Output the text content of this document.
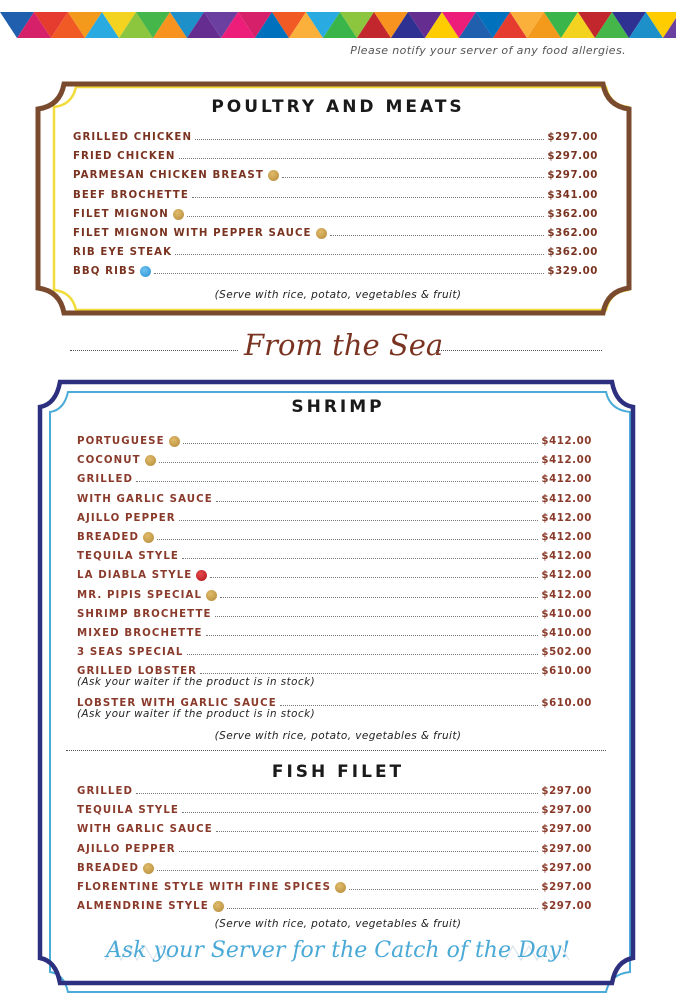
Please notify your server of any food allergies.
POULTRY AND MEATS
GRILLED CHICKEN	$297.00
FRIED CHICKEN	$297.00
PARMESAN CHICKEN BREAST	$297.00
BEEF BROCHETTE	$341.00
FILET MIGNON	$362.00
FILET MIGNON WITH PEPPER SAUCE	$362.00
RIB EYE STEAK	$362.00
BBQ RIBS	$329.00
(Serve with rice, potato, vegetables & fruit)
From the Sea
SHRIMP
PORTUGUESE	$412.00
COCONUT	$412.00
GRILLED	$412.00
WITH GARLIC SAUCE	$412.00
AJILLO PEPPER	$412.00
BREADED	$412.00
TEQUILA STYLE	$412.00
LA DIABLA STYLE	$412.00
MR. PIPIS SPECIAL	$412.00
SHRIMP BROCHETTE	$410.00
MIXED BROCHETTE	$410.00
3 SEAS SPECIAL	$502.00
GRILLED LOBSTER	$610.00
(Ask your waiter if the product is in stock)
LOBSTER WITH GARLIC SAUCE	$610.00
(Ask your waiter if the product is in stock)
(Serve with rice, potato, vegetables & fruit)
FISH FILET
GRILLED	$297.00
TEQUILA STYLE	$297.00
WITH GARLIC SAUCE	$297.00
AJILLO PEPPER	$297.00
BREADED	$297.00
FLORENTINE STYLE WITH FINE SPICES	$297.00
ALMENDRINE STYLE	$297.00
(Serve with rice, potato, vegetables & fruit)
Ask your Server for the Catch of the Day!
